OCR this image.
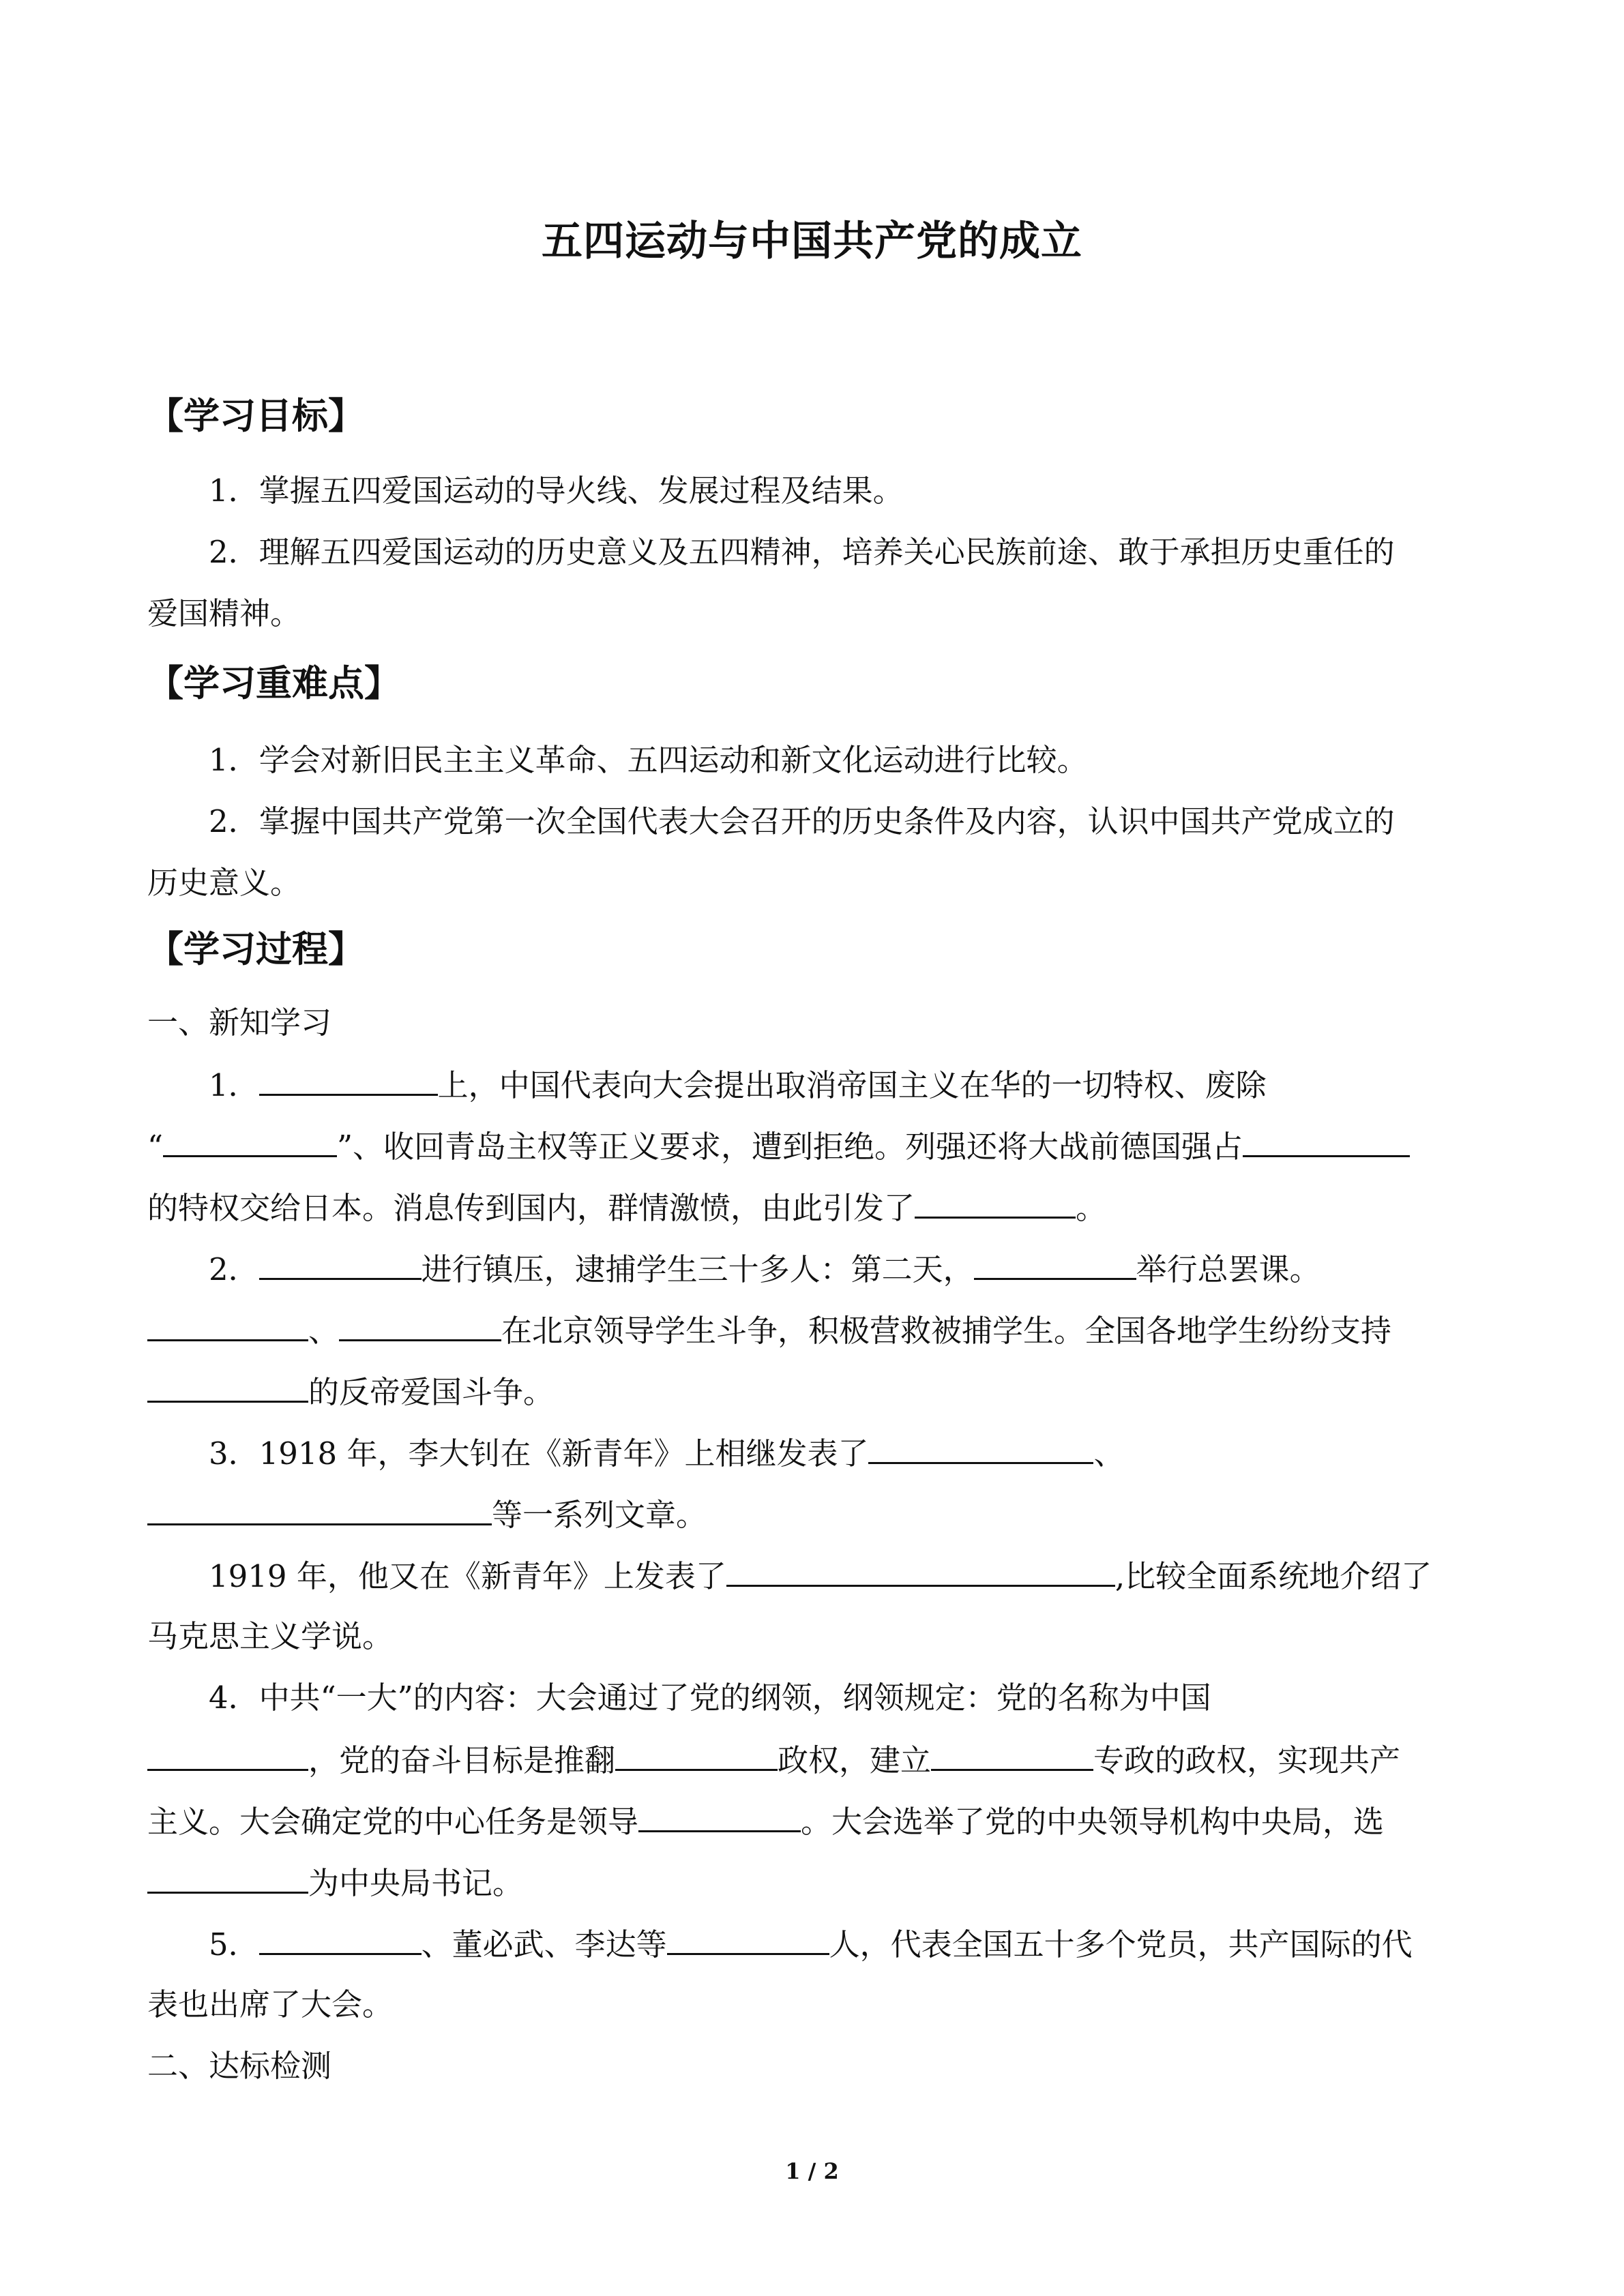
五四运动与中国共产党的成立
【学习目标】
1．掌握五四爱国运动的导火线、发展过程及结果。
2．理解五四爱国运动的历史意义及五四精神，培养关心民族前途、敢于承担历史重任的
爱国精神。
【学习重难点】
1．学会对新旧民主主义革命、五四运动和新文化运动进行比较。
2．掌握中国共产党第一次全国代表大会召开的历史条件及内容，认识中国共产党成立的
历史意义。
【学习过程】
一、新知学习
1．	上，中国代表向大会提出取消帝国主义在华的一切特权、废除
“	”、收回青岛主权等正义要求，遭到拒绝。列强还将大战前德国强占
的特权交给日本。消息传到国内，群情激愤，由此引发了	。
2．	进行镇压，逮捕学生三十多人：第二天，	举行总罢课。
、	在北京领导学生斗争，积极营救被捕学生。全国各地学生纷纷支持
的反帝爱国斗争。
3．1918 年，李大钊在《新青年》上相继发表了	、
等一系列文章。
1919 年，他又在《新青年》上发表了	,比较全面系统地介绍了
马克思主义学说。
4．中共“一大”的内容：大会通过了党的纲领，纲领规定：党的名称为中国
，党的奋斗目标是推翻	政权，建立	专政的政权，实现共产
主义。大会确定党的中心任务是领导	。大会选举了党的中央领导机构中央局，选
为中央局书记。
5．	、董必武、李达等	人，代表全国五十多个党员，共产国际的代
表也出席了大会。
二、达标检测
1 / 2
